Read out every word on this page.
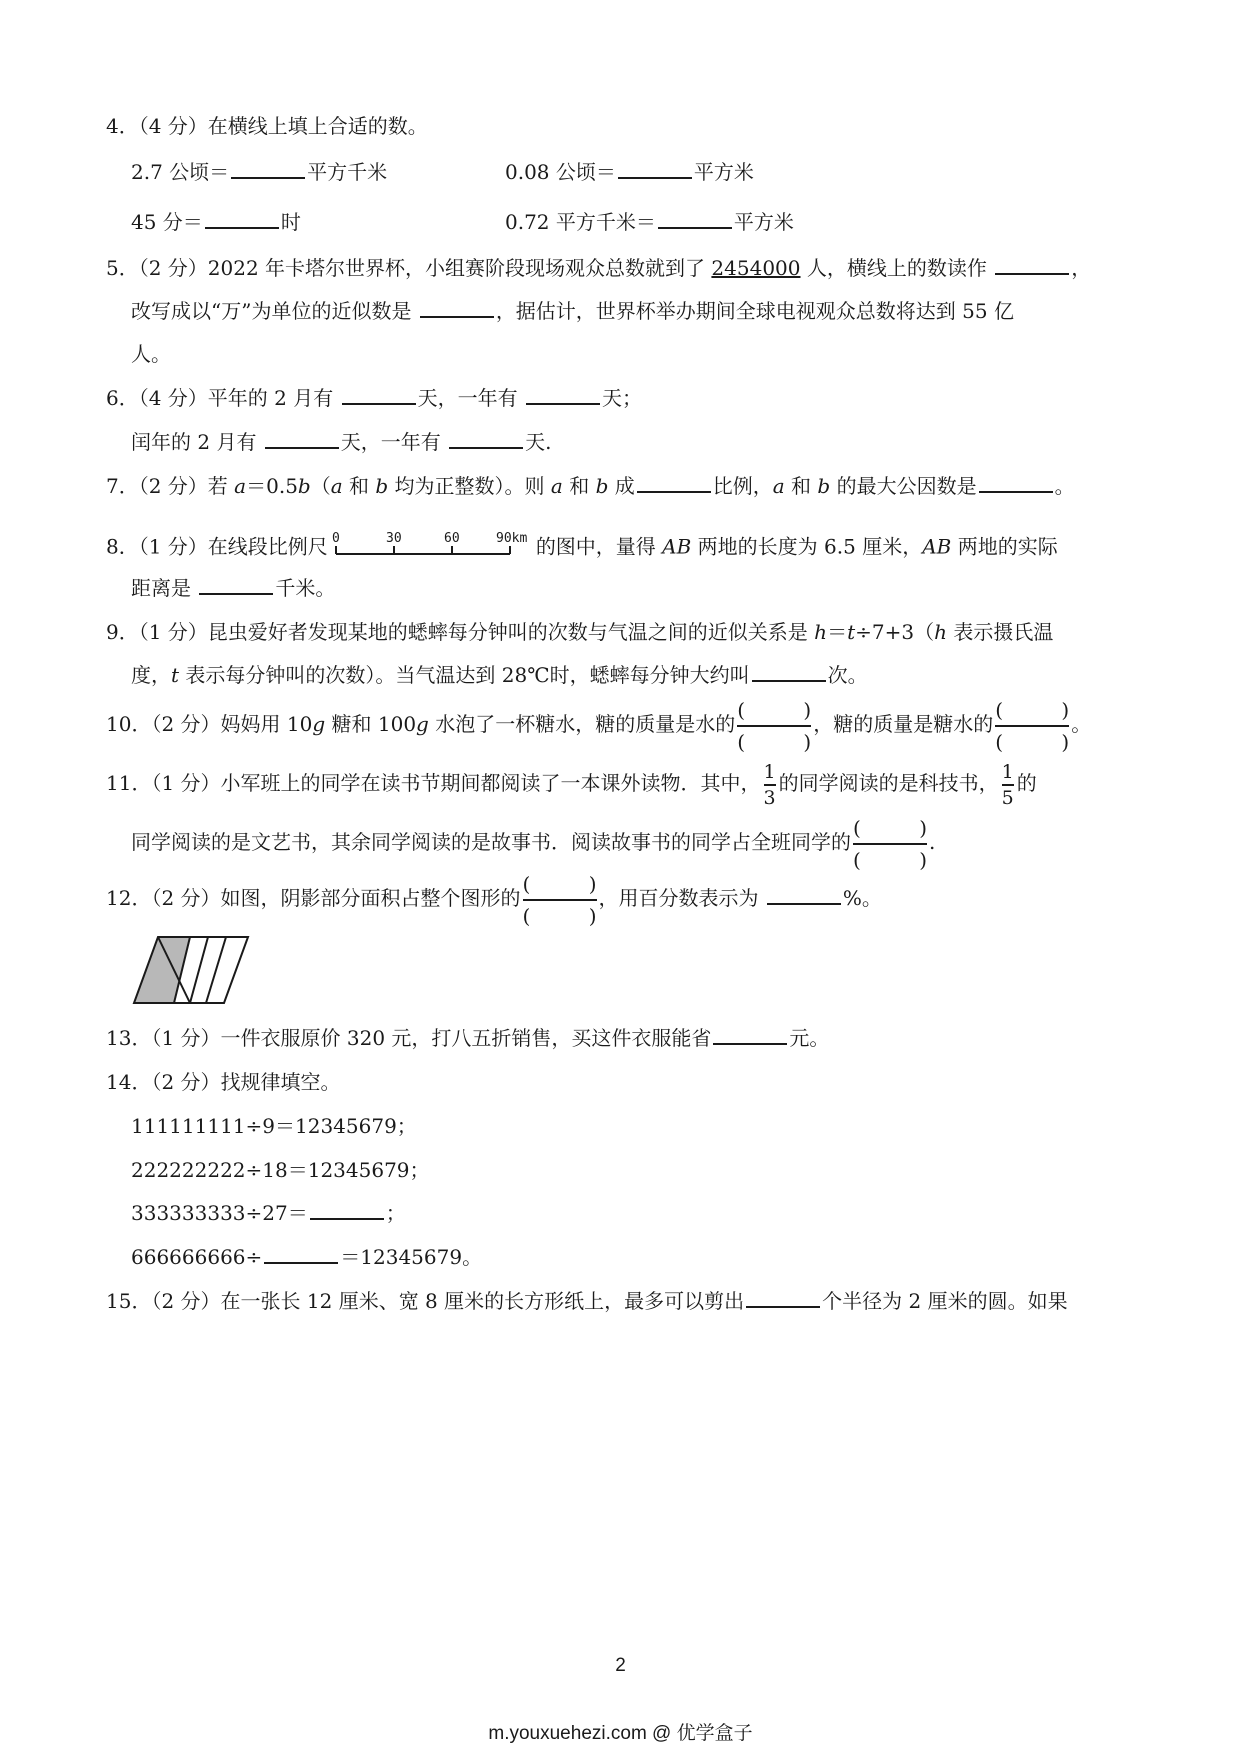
4．（4 分）在横线上填上合适的数。
2.7 公顷＝	平方千米	0.08 公顷＝	平方米
45 分＝	时	0.72 平方千米＝	平方米
5．（2 分）2022 年卡塔尔世界杯，小组赛阶段现场观众总数就到了 2454000 人，横线上的数读作	，
改写成以“万”为单位的近似数是	，据估计，世界杯举办期间全球电视观众总数将达到 55 亿
人。
6．（4 分）平年的 2 月有	天，一年有	天；
闰年的 2 月有	天，一年有	天.
7．（2 分）若 a＝0.5b（a 和 b 均为正整数）。则 a 和 b 成	比例，a 和 b 的最大公因数是	。
8．（1 分）在线段比例尺 0	30	60	90km 的图中，量得 AB 两地的长度为 6.5 厘米，AB 两地的实际
距离是	千米。
9．（1 分）昆虫爱好者发现某地的蟋蟀每分钟叫的次数与气温之间的近似关系是 h＝t÷7+3（h 表示摄氏温
度，t 表示每分钟叫的次数）。当气温达到 28℃时，蟋蟀每分钟大约叫	次。
10．（2 分）妈妈用 10g 糖和 100g 水泡了一杯糖水，糖的质量是水的
(	)
(	)
，糖的质量是糖水的
(	)
(	)
。
11．（1 分）小军班上的同学在读书节期间都阅读了一本课外读物．其中， $\frac{1}{3}$ 的同学阅读的是科技书， $\frac{1}{5}$ 的
同学阅读的是文艺书，其余同学阅读的是故事书．阅读故事书的同学占全班同学的
(	)
(	)
.
12．（2 分）如图，阴影部分面积占整个图形的
(	)
(	)
，用百分数表示为	%。
13．（1 分）一件衣服原价 320 元，打八五折销售，买这件衣服能省	元。
14．（2 分）找规律填空。
111111111÷9＝12345679；
222222222÷18＝12345679；
333333333÷27＝	；
666666666÷	＝12345679。
15．（2 分）在一张长 12 厘米、宽 8 厘米的长方形纸上，最多可以剪出	个半径为 2 厘米的圆。如果
2
m.youxuehezi.com @ 优学盒子
